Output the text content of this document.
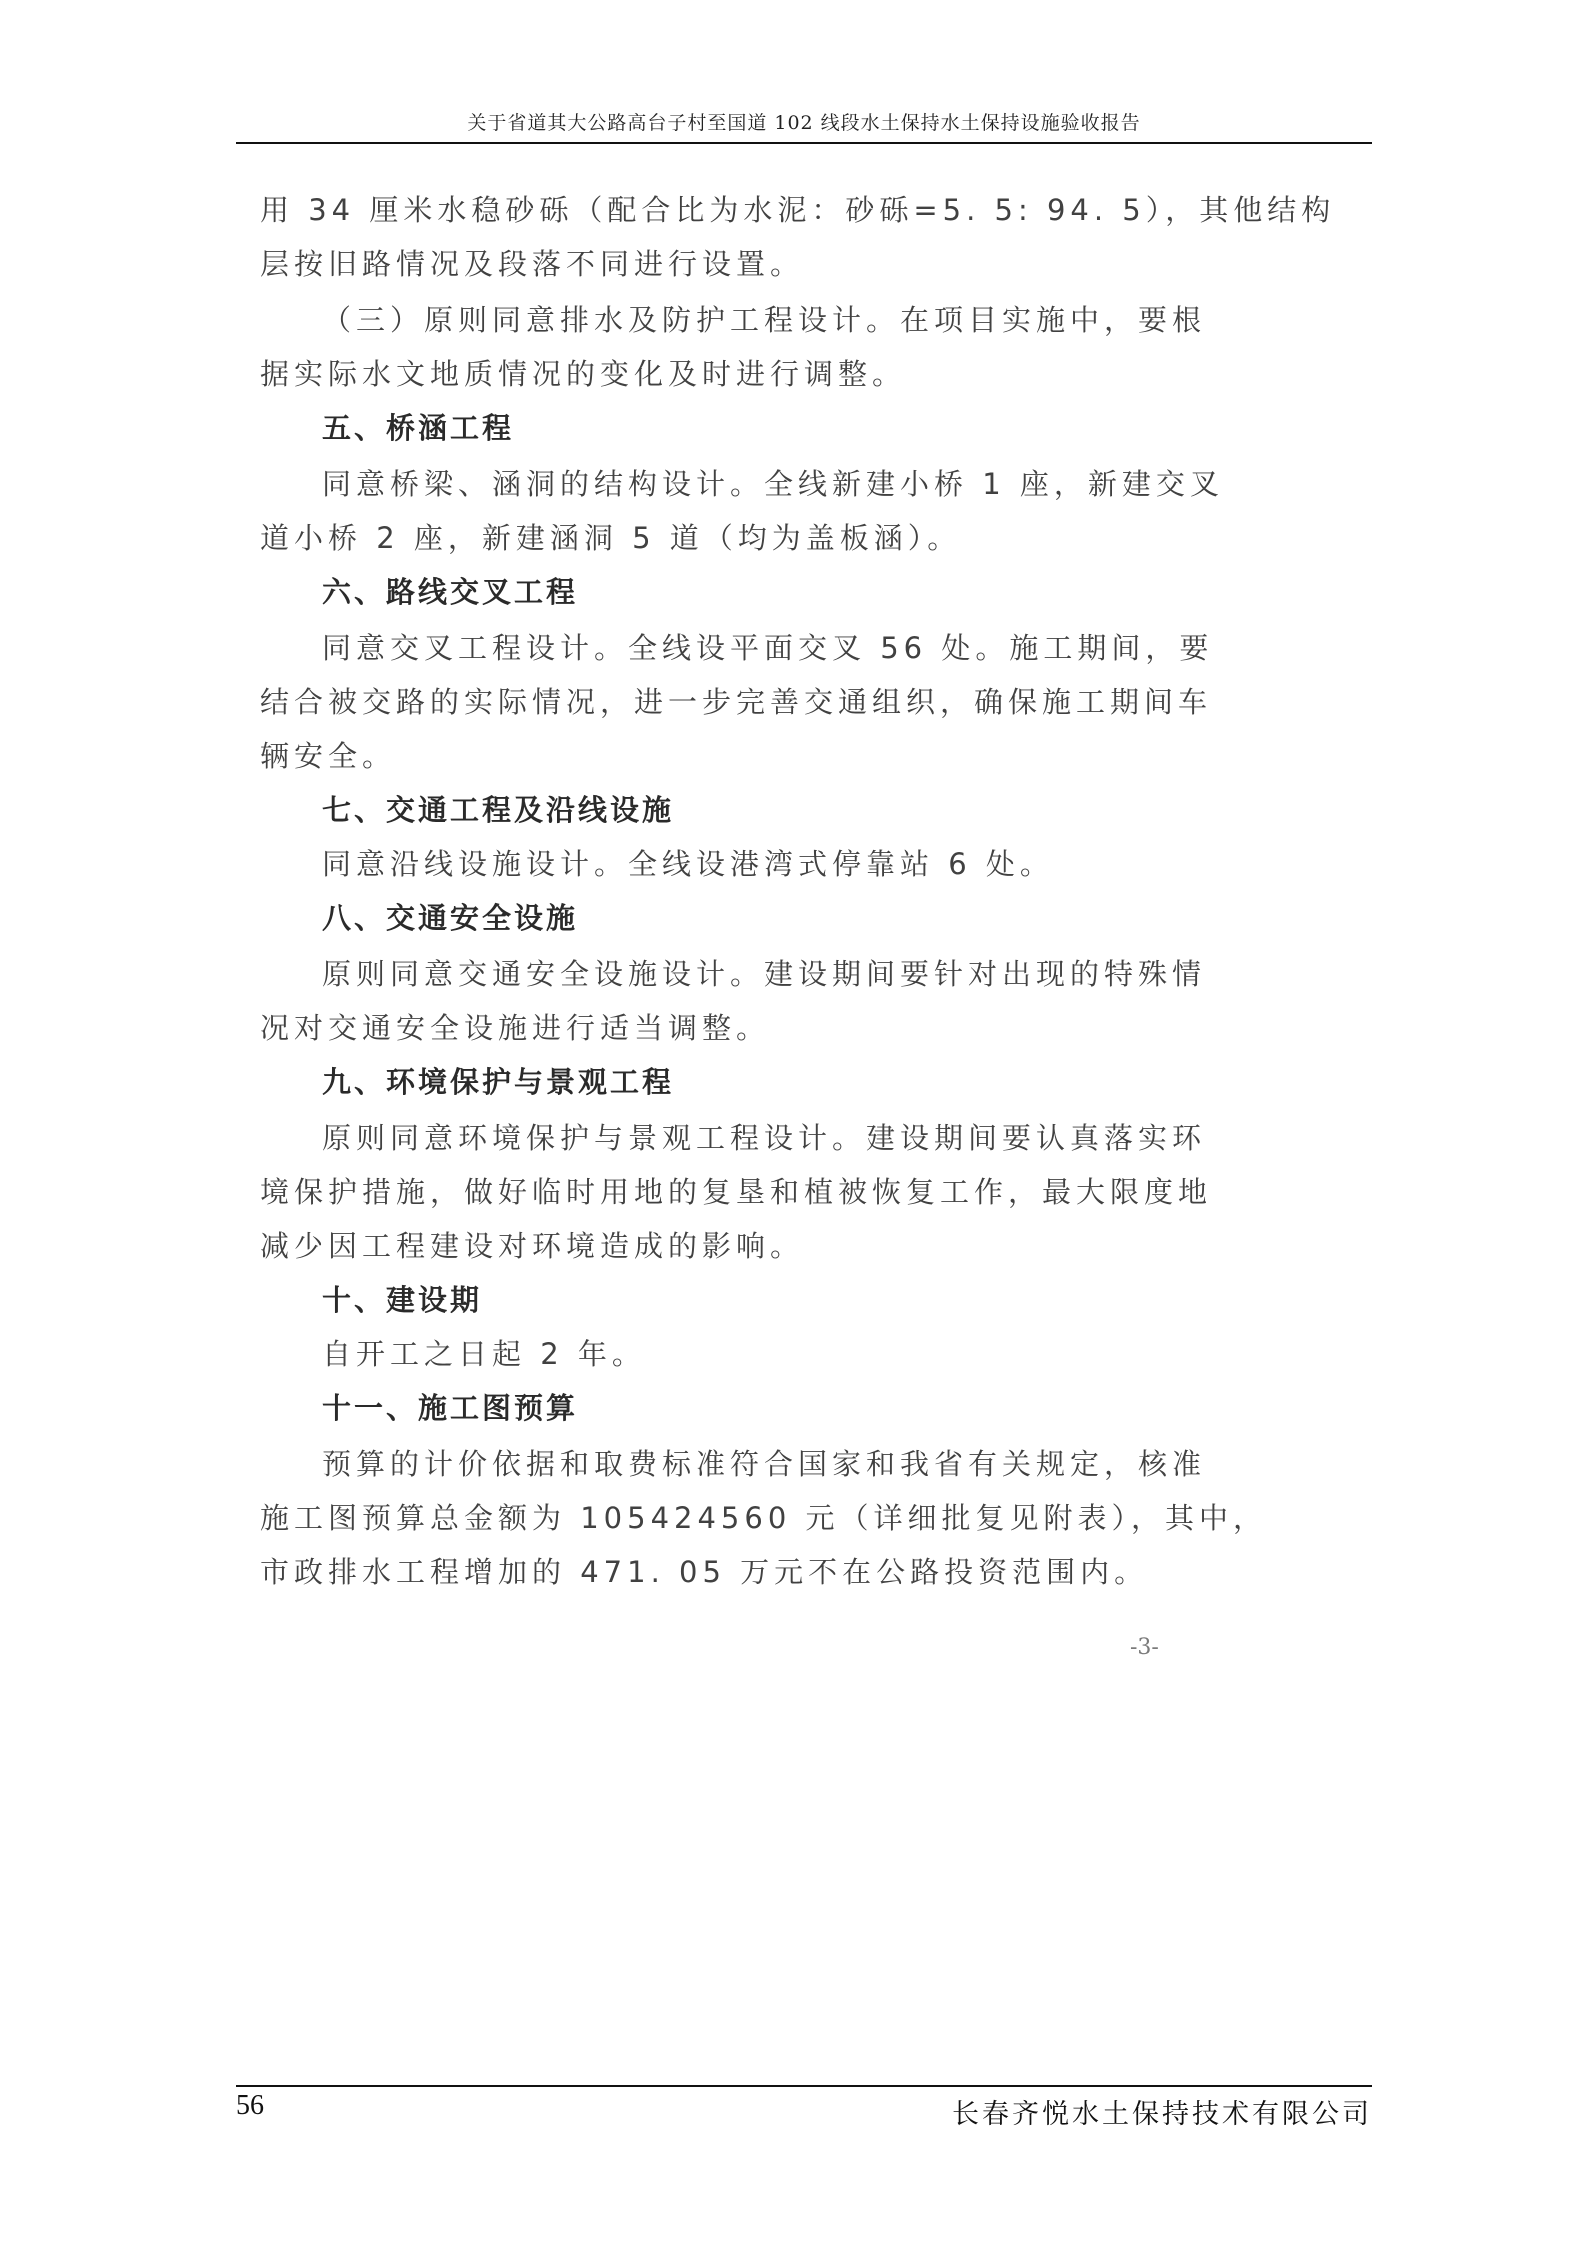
关于省道其大公路高台子村至国道 102 线段水土保持水土保持设施验收报告
用 34 厘米水稳砂砾（配合比为水泥：砂砾=5. 5: 94. 5），其他结构
层按旧路情况及段落不同进行设置。
（三）原则同意排水及防护工程设计。在项目实施中，要根
据实际水文地质情况的变化及时进行调整。
五、桥涵工程
同意桥梁、涵洞的结构设计。全线新建小桥 1 座，新建交叉
道小桥 2 座，新建涵洞 5 道（均为盖板涵）。
六、路线交叉工程
同意交叉工程设计。全线设平面交叉 56 处。施工期间，要
结合被交路的实际情况，进一步完善交通组织，确保施工期间车
辆安全。
七、交通工程及沿线设施
同意沿线设施设计。全线设港湾式停靠站 6 处。
八、交通安全设施
原则同意交通安全设施设计。建设期间要针对出现的特殊情
况对交通安全设施进行适当调整。
九、环境保护与景观工程
原则同意环境保护与景观工程设计。建设期间要认真落实环
境保护措施，做好临时用地的复垦和植被恢复工作，最大限度地
减少因工程建设对环境造成的影响。
十、建设期
自开工之日起 2 年。
十一、施工图预算
预算的计价依据和取费标准符合国家和我省有关规定，核准
施工图预算总金额为 105424560 元（详细批复见附表），其中，
市政排水工程增加的 471. 05 万元不在公路投资范围内。
-3-
56	长春齐悦水土保持技术有限公司
